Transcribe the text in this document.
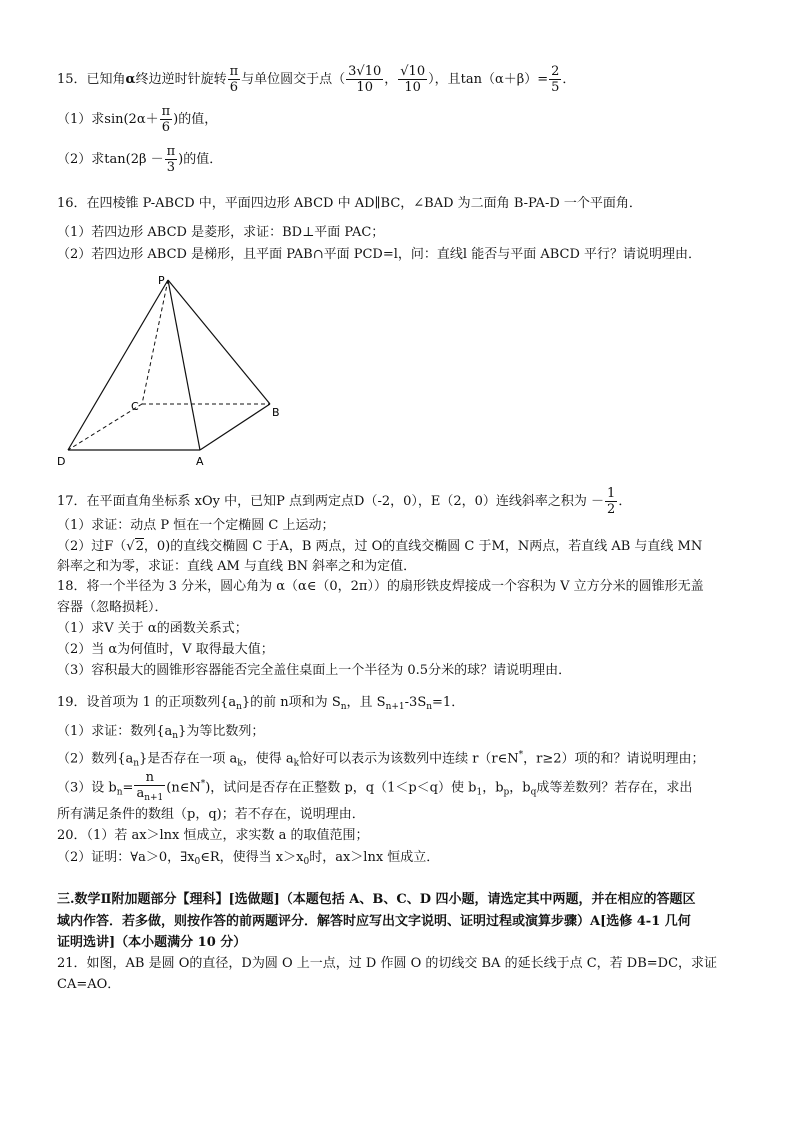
15．已知角α终边逆时针旋转 $\frac{\pi}{6}$ 与单位圆交于点（ $\frac{3√10}{10}$ ， $\frac{√10}{10}$ ），且$\tan(\alpha+\beta)= \frac{2}{5}$ ．
（1）求$\sin(2\alpha+ \frac{\pi}{6}$ )的值，
（2）求$\tan(2\beta - \frac{\pi}{3}$ )的值．
16．在四棱锥 P-ABCD 中，平面四边形 ABCD 中 AD∥BC，∠BAD 为二面角 B-PA-D 一个平面角．
（1）若四边形 ABCD 是菱形，求证：BD⊥平面 PAC；
（2）若四边形 ABCD 是梯形，且平面 PAB∩平面 PCD=l，问：直线l 能否与平面 ABCD 平行？请说明理由．
P
C	B
D	A
17．在平面直角坐标系 xOy 中，已知P 点到两定点D（-2，0），E（2，0）连线斜率之积为 － $\frac{1}{2}$ ．
（1）求证：动点 P 恒在一个定椭圆 C 上运动；
（2）过F（√2，0)的直线交椭圆 C 于A，B 两点，过 O的直线交椭圆 C 于M，N两点，若直线 AB 与直线 MN
斜率之和为零，求证：直线 AM 与直线 BN 斜率之和为定值．
18．将一个半径为 3 分米，圆心角为 α（α∈（0，2π））的扇形铁皮焊接成一个容积为 V 立方分米的圆锥形无盖
容器（忽略损耗）．
（1）求V 关于 α的函数关系式；
（2）当 α为何值时，V 取得最大值；
（3）容积最大的圆锥形容器能否完全盖住桌面上一个半径为 0.5分米的球？请说明理由．
19．设首项为 1 的正项数列$\{a_n\}$的前 n项和为 $S_n$，且 $S_{n+1}-3S_n=1$．
（1）求证：数列$\{a_n\}$为等比数列；
（2）数列$\{a_n\}$是否存在一项 $a_k$，使得 $a_k$恰好可以表示为该数列中连续 r（r∈N*，r≥2）项的和？请说明理由；
（3）设 $b_n= \frac{n}{a_{n+1}}$ (n∈N*)，试问是否存在正整数 p，q（1＜p＜q）使 $b_1$，$b_p$，$b_q$成等差数列？若存在，求出
所有满足条件的数组（p，q)；若不存在，说明理由．
20．（1）若 ax＞lnx 恒成立，求实数 a 的取值范围；
（2）证明：∀a＞0，$\exists x_0\in R$，使得当 $x>x_0$时，ax＞lnx 恒成立．
三.数学Ⅱ附加题部分【理科】[选做题]（本题包括 A、B、C、D 四小题，请选定其中两题，并在相应的答题区
域内作答．若多做，则按作答的前两题评分．解答时应写出文字说明、证明过程或演算步骤）A[选修 4-1 几何
证明选讲]（本小题满分 10 分）
21．如图，AB 是圆 O的直径，D为圆 O 上一点，过 D 作圆 O 的切线交 BA 的延长线于点 C，若 DB=DC，求证
CA=AO．
